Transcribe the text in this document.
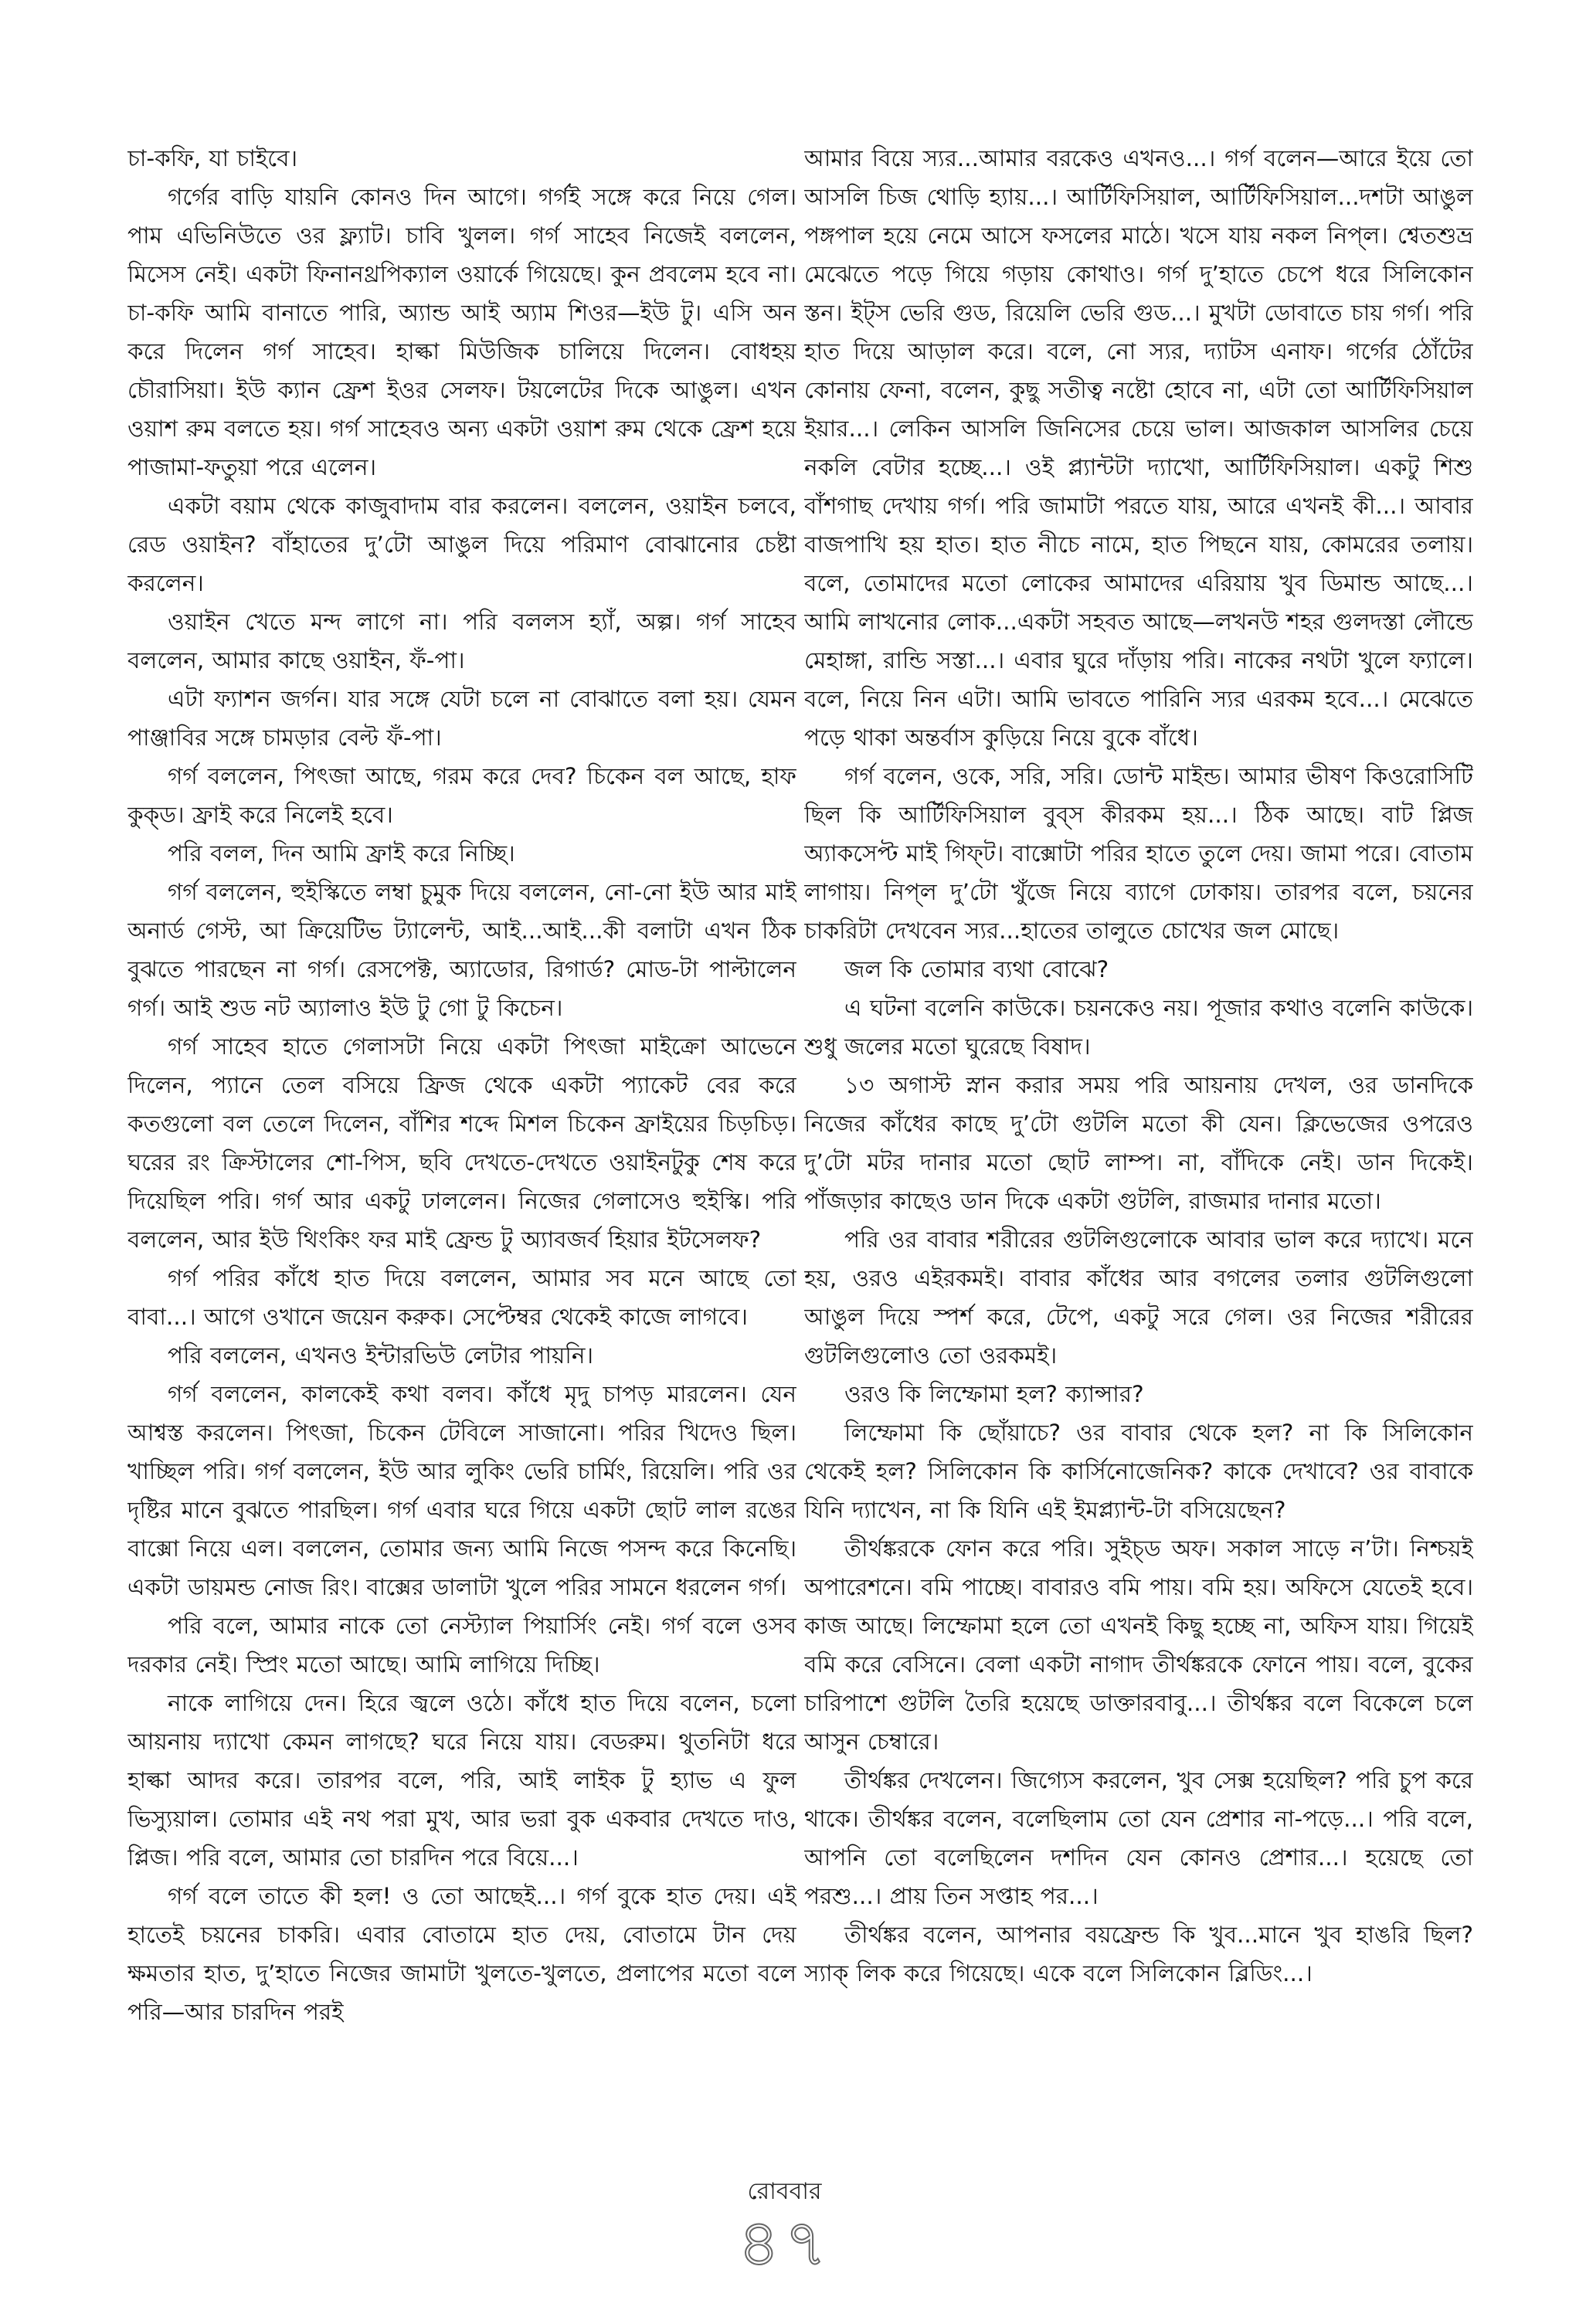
চা-কফি, যা চাইবে।

গর্গের বাড়ি যায়নি কোনও দিন আগে। গর্গই সঙ্গে করে নিয়ে গেল। পাম এভিনিউতে ওর ফ্ল্যাট। চাবি খুলল। গর্গ সাহেব নিজেই বললেন, মিসেস নেই। একটা ফিনানথ্রপিক্যাল ওয়ার্কে গিয়েছে। কুন প্রবলেম হবে না। চা-কফি আমি বানাতে পারি, অ্যান্ড আই অ্যাম শিওর—ইউ টু। এসি অন করে দিলেন গর্গ সাহেব। হাল্কা মিউজিক চালিয়ে দিলেন। বোধহয় চৌরাসিয়া। ইউ ক্যান ফ্রেশ ইওর সেলফ। টয়লেটের দিকে আঙুল। এখন ওয়াশ রুম বলতে হয়। গর্গ সাহেবও অন্য একটা ওয়াশ রুম থেকে ফ্রেশ হয়ে পাজামা-ফতুয়া পরে এলেন।

একটা বয়াম থেকে কাজুবাদাম বার করলেন। বললেন, ওয়াইন চলবে, রেড ওয়াইন? বাঁহাতের দু’টো আঙুল দিয়ে পরিমাণ বোঝানোর চেষ্টা করলেন।

ওয়াইন খেতে মন্দ লাগে না। পরি বললস হ্যাঁ, অল্প। গর্গ সাহেব বললেন, আমার কাছে ওয়াইন, ফঁ-পা।

এটা ফ্যাশন জর্গন। যার সঙ্গে যেটা চলে না বোঝাতে বলা হয়। যেমন পাঞ্জাবির সঙ্গে চামড়ার বেল্ট ফঁ-পা।

গর্গ বললেন, পিৎজা আছে, গরম করে দেব? চিকেন বল আছে, হাফ কুক্‌ড। ফ্রাই করে নিলেই হবে।

পরি বলল, দিন আমি ফ্রাই করে নিচ্ছি।

গর্গ বললেন, হুইস্কিতে লম্বা চুমুক দিয়ে বললেন, নো-নো ইউ আর মাই অনার্ড গেস্ট, আ ক্রিয়েটিভ ট্যালেন্ট, আই...আই...কী বলাটা এখন ঠিক বুঝতে পারছেন না গর্গ। রেসপেক্ট, অ্যাডোর, রিগার্ড? মোড-টা পাল্টালেন গর্গ। আই শুড নট অ্যালাও ইউ টু গো টু কিচেন।

গর্গ সাহেব হাতে গেলাসটা নিয়ে একটা পিৎজা মাইক্রো আভেনে দিলেন, প্যানে তেল বসিয়ে ফ্রিজ থেকে একটা প্যাকেট বের করে কতগুলো বল তেলে দিলেন, বাঁশির শব্দে মিশল চিকেন ফ্রাইয়ের চিড়চিড়। ঘরের রং ক্রিস্টালের শো-পিস, ছবি দেখতে-দেখতে ওয়াইনটুকু শেষ করে দিয়েছিল পরি। গর্গ আর একটু ঢাললেন। নিজের গেলাসেও হুইস্কি। পরি বললেন, আর ইউ থিংকিং ফর মাই ফ্রেন্ড টু অ্যাবজর্ব হিয়ার ইটসেলফ?

গর্গ পরির কাঁধে হাত দিয়ে বললেন, আমার সব মনে আছে তো বাবা...। আগে ওখানে জয়েন করুক। সেপ্টেম্বর থেকেই কাজে লাগবে।

পরি বললেন, এখনও ইন্টারভিউ লেটার পায়নি।

গর্গ বললেন, কালকেই কথা বলব। কাঁধে মৃদু চাপড় মারলেন। যেন আশ্বস্ত করলেন। পিৎজা, চিকেন টেবিলে সাজানো। পরির খিদেও ছিল। খাচ্ছিল পরি। গর্গ বললেন, ইউ আর লুকিং ভেরি চার্মিং, রিয়েলি। পরি ওর দৃষ্টির মানে বুঝতে পারছিল। গর্গ এবার ঘরে গিয়ে একটা ছোট লাল রঙের বাক্সো নিয়ে এল। বললেন, তোমার জন্য আমি নিজে পসন্দ করে কিনেছি। একটা ডায়মন্ড নোজ রিং। বাক্সের ডালাটা খুলে পরির সামনে ধরলেন গর্গ।

পরি বলে, আমার নাকে তো নেস্ট্যাল পিয়ার্সিং নেই। গর্গ বলে ওসব দরকার নেই। স্প্রিং মতো আছে। আমি লাগিয়ে দিচ্ছি।

নাকে লাগিয়ে দেন। হিরে জ্বলে ওঠে। কাঁধে হাত দিয়ে বলেন, চলো আয়নায় দ্যাখো কেমন লাগছে? ঘরে নিয়ে যায়। বেডরুম। থুতনিটা ধরে হাল্কা আদর করে। তারপর বলে, পরি, আই লাইক টু হ্যাভ এ ফুল ভিস্যুয়াল। তোমার এই নথ পরা মুখ, আর ভরা বুক একবার দেখতে দাও, প্লিজ। পরি বলে, আমার তো চারদিন পরে বিয়ে...।

গর্গ বলে তাতে কী হল! ও তো আছেই...। গর্গ বুকে হাত দেয়। এই হাতেই চয়নের চাকরি। এবার বোতামে হাত দেয়, বোতামে টান দেয় ক্ষমতার হাত, দু’হাতে নিজের জামাটা খুলতে-খুলতে, প্রলাপের মতো বলে পরি—আর চারদিন পরই

আমার বিয়ে স্যর...আমার বরকেও এখনও...। গর্গ বলেন—আরে ইয়ে তো আসলি চিজ থোড়ি হ্যায়...। আর্টিফিসিয়াল, আর্টিফিসিয়াল...দশটা আঙুল পঙ্গপাল হয়ে নেমে আসে ফসলের মাঠে। খসে যায় নকল নিপ্‌ল। শ্বেতশুভ্র মেঝেতে পড়ে গিয়ে গড়ায় কোথাও। গর্গ দু’হাতে চেপে ধরে সিলিকোন স্তন। ইট্‌স ভেরি গুড, রিয়েলি ভেরি গুড...। মুখটা ডোবাতে চায় গর্গ। পরি হাত দিয়ে আড়াল করে। বলে, নো স্যর, দ্যাটস এনাফ। গর্গের ঠোঁটের কোনায় ফেনা, বলেন, কুছু সতীত্ব নষ্টো হোবে না, এটা তো আর্টিফিসিয়াল ইয়ার...। লেকিন আসলি জিনিসের চেয়ে ভাল। আজকাল আসলির চেয়ে নকলি বেটার হচ্ছে...। ওই প্ল্যান্টটা দ্যাখো, আর্টিফিসিয়াল। একটু শিশু বাঁশগাছ দেখায় গর্গ। পরি জামাটা পরতে যায়, আরে এখনই কী...। আবার বাজপাখি হয় হাত। হাত নীচে নামে, হাত পিছনে যায়, কোমরের তলায়। বলে, তোমাদের মতো লোকের আমাদের এরিয়ায় খুব ডিমান্ড আছে...। আমি লাখনোর লোক...একটা সহবত আছে—লখনউ শহর গুলদস্তা লৌন্ডে মেহাঙ্গা, রান্ডি সস্তা...। এবার ঘুরে দাঁড়ায় পরি। নাকের নথটা খুলে ফ্যালে। বলে, নিয়ে নিন এটা। আমি ভাবতে পারিনি স্যর এরকম হবে...। মেঝেতে পড়ে থাকা অন্তর্বাস কুড়িয়ে নিয়ে বুকে বাঁধে।

গর্গ বলেন, ওকে, সরি, সরি। ডোন্ট মাইন্ড। আমার ভীষণ কিওরোসিটি ছিল কি আর্টিফিসিয়াল বুব্‌স কীরকম হয়...। ঠিক আছে। বাট প্লিজ অ্যাকসেপ্ট মাই গিফ্‌ট। বাক্সোটা পরির হাতে তুলে দেয়। জামা পরে। বোতাম লাগায়। নিপ্‌ল দু’টো খুঁজে নিয়ে ব্যাগে ঢোকায়। তারপর বলে, চয়নের চাকরিটা দেখবেন স্যর...হাতের তালুতে চোখের জল মোছে।

জল কি তোমার ব্যথা বোঝে?

এ ঘটনা বলেনি কাউকে। চয়নকেও নয়। পূজার কথাও বলেনি কাউকে। শুধু জলের মতো ঘুরেছে বিষাদ।

১৩ অগাস্ট স্নান করার সময় পরি আয়নায় দেখল, ওর ডানদিকে নিজের কাঁধের কাছে দু’টো গুটলি মতো কী যেন। ক্লিভেজের ওপরেও দু’টো মটর দানার মতো ছোট লাম্প। না, বাঁদিকে নেই। ডান দিকেই। পাঁজড়ার কাছেও ডান দিকে একটা গুটলি, রাজমার দানার মতো।

পরি ওর বাবার শরীরের গুটলিগুলোকে আবার ভাল করে দ্যাখে। মনে হয়, ওরও এইরকমই। বাবার কাঁধের আর বগলের তলার গুটলিগুলো আঙুল দিয়ে স্পর্শ করে, টেপে, একটু সরে গেল। ওর নিজের শরীরের গুটলিগুলোও তো ওরকমই।

ওরও কি লিম্ফোমা হল? ক্যান্সার?

লিম্ফোমা কি ছোঁয়াচে? ওর বাবার থেকে হল? না কি সিলিকোন থেকেই হল? সিলিকোন কি কার্সিনোজেনিক? কাকে দেখাবে? ওর বাবাকে যিনি দ্যাখেন, না কি যিনি এই ইমপ্ল্যান্ট-টা বসিয়েছেন?

তীর্থঙ্করকে ফোন করে পরি। সুইচ্‌ড অফ। সকাল সাড়ে ন’টা। নিশ্চয়ই অপারেশনে। বমি পাচ্ছে। বাবারও বমি পায়। বমি হয়। অফিসে যেতেই হবে। কাজ আছে। লিম্ফোমা হলে তো এখনই কিছু হচ্ছে না, অফিস যায়। গিয়েই বমি করে বেসিনে। বেলা একটা নাগাদ তীর্থঙ্করকে ফোনে পায়। বলে, বুকের চারিপাশে গুটলি তৈরি হয়েছে ডাক্তারবাবু...। তীর্থঙ্কর বলে বিকেলে চলে আসুন চেম্বারে।

তীর্থঙ্কর দেখলেন। জিগ্যেস করলেন, খুব সেক্স হয়েছিল? পরি চুপ করে থাকে। তীর্থঙ্কর বলেন, বলেছিলাম তো যেন প্রেশার না-পড়ে...। পরি বলে, আপনি তো বলেছিলেন দশদিন যেন কোনও প্রেশার...। হয়েছে তো পরশু...। প্রায় তিন সপ্তাহ পর...।

তীর্থঙ্কর বলেন, আপনার বয়ফ্রেন্ড কি খুব...মানে খুব হাঙরি ছিল? স্যাক্ লিক করে গিয়েছে। একে বলে সিলিকোন ব্লিডিং...।

রোববার
৪৭
